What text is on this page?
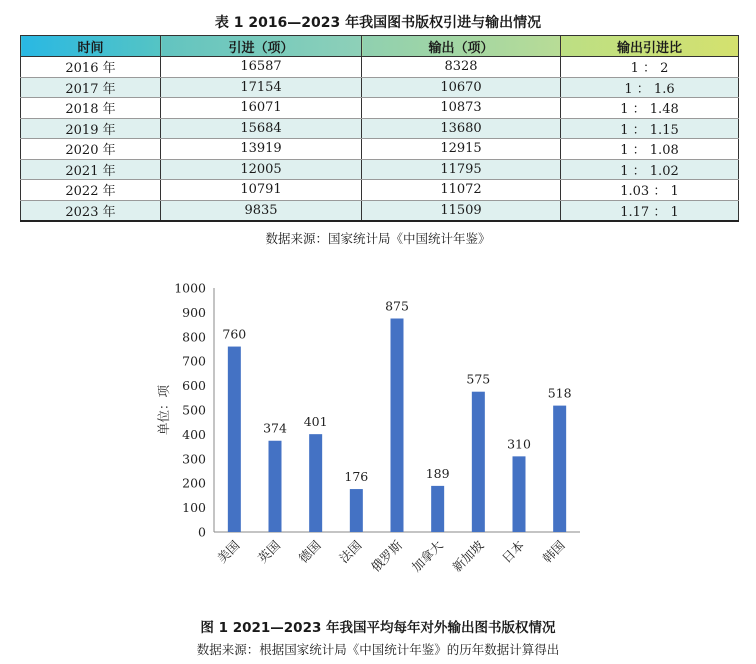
表 1 2016—2023 年我国图书版权引进与输出情况
时间	引进（项）	输出（项）	输出引进比
2016 年	16587	8328	1 ： 2
2017 年	17154	10670	1 ： 1.6
2018 年	16071	10873	1 ： 1.48
2019 年	15684	13680	1 ： 1.15
2020 年	13919	12915	1 ： 1.08
2021 年	12005	11795	1 ： 1.02
2022 年	10791	11072	1.03 ： 1
2023 年	9835	11509	1.17 ： 1
数据来源：国家统计局《中国统计年鉴》
0
100
200
300
400
500
600
700
800
900
1000
单位：项
760
美国
374
英国
401
德国
176
法国
875
俄罗斯
189
加拿大
575
新加坡
310
日本
518
韩国
图 1 2021—2023 年我国平均每年对外输出图书版权情况
数据来源：根据国家统计局《中国统计年鉴》的历年数据计算得出
